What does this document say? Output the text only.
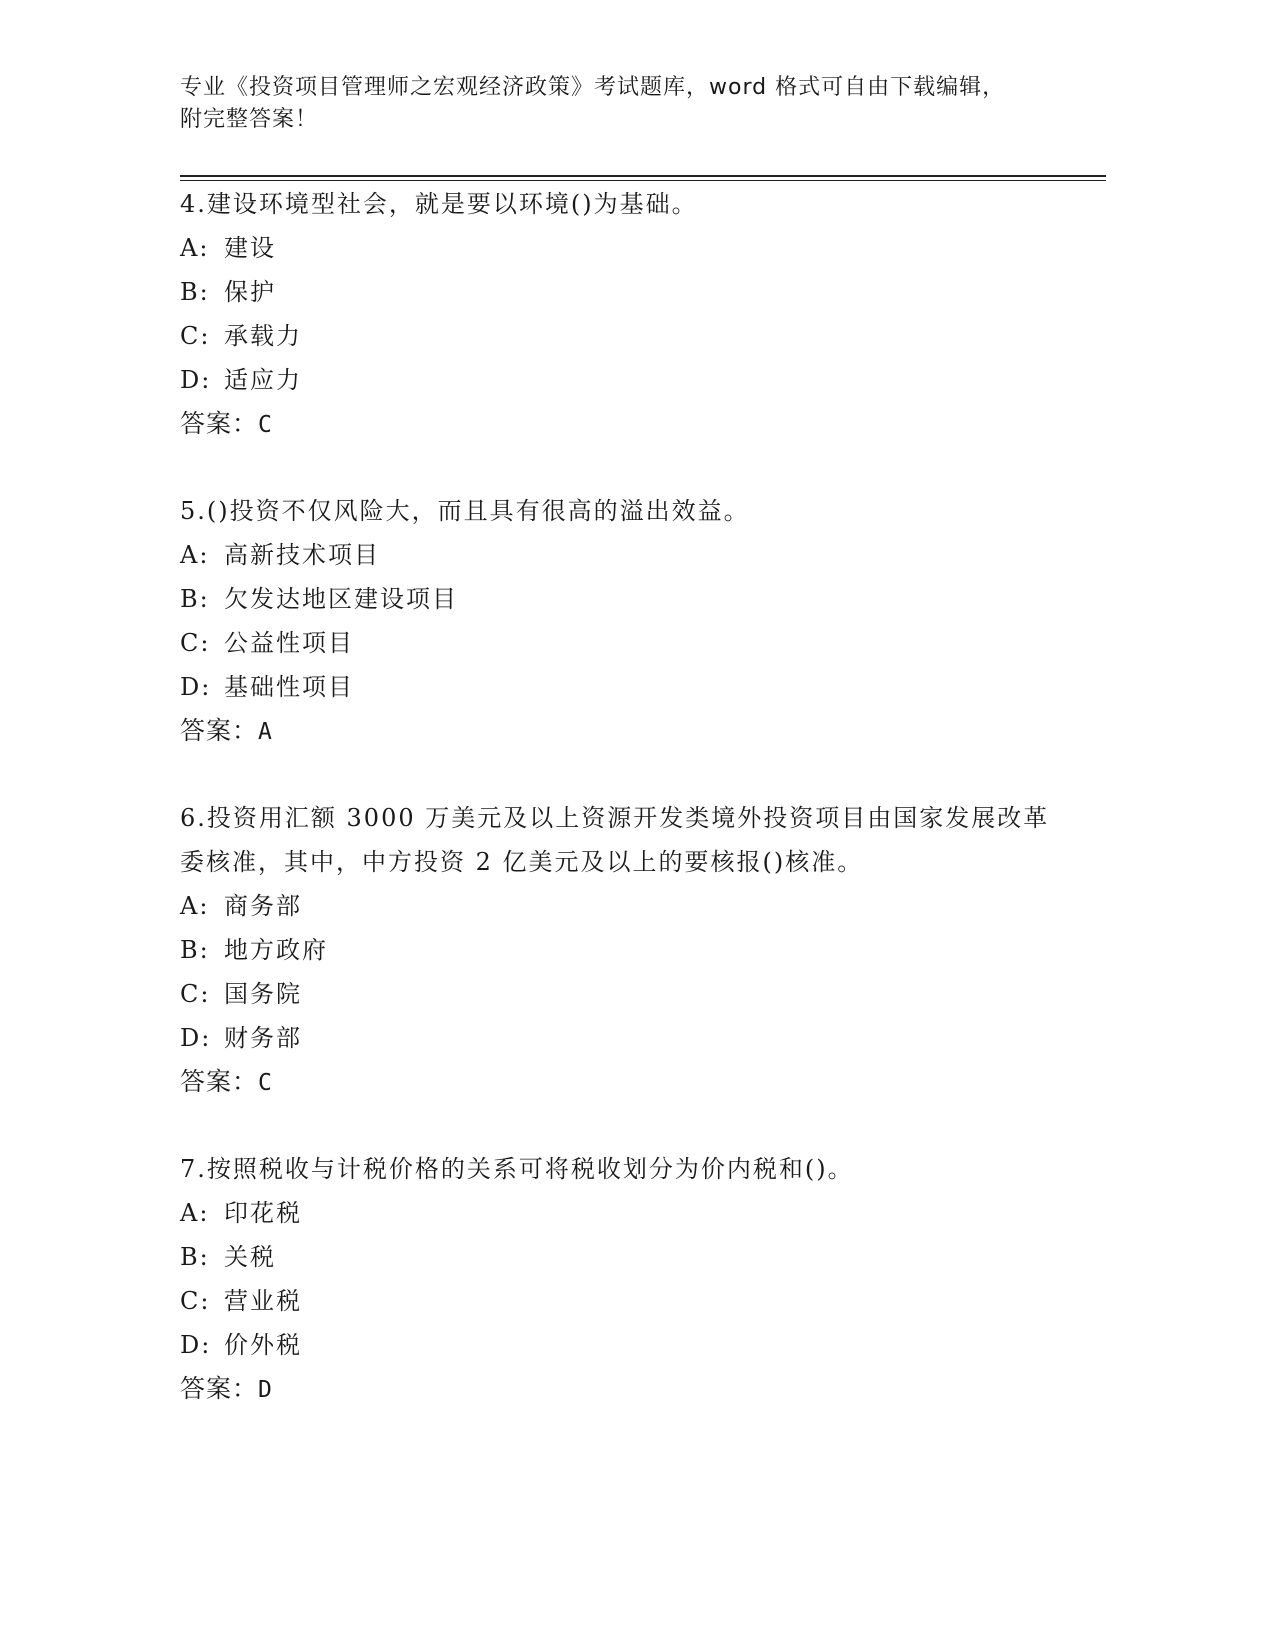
专业《投资项目管理师之宏观经济政策》考试题库，word 格式可自由下载编辑，
附完整答案！
4.建设环境型社会，就是要以环境()为基础。
A: 建设
B: 保护
C: 承载力
D: 适应力
答案：C
5.()投资不仅风险大，而且具有很高的溢出效益。
A: 高新技术项目
B: 欠发达地区建设项目
C: 公益性项目
D: 基础性项目
答案：A
6.投资用汇额 3000 万美元及以上资源开发类境外投资项目由国家发展改革委核准，其中，中方投资 2 亿美元及以上的要核报()核准。
A: 商务部
B: 地方政府
C: 国务院
D: 财务部
答案：C
7.按照税收与计税价格的关系可将税收划分为价内税和()。
A: 印花税
B: 关税
C: 营业税
D: 价外税
答案：D
